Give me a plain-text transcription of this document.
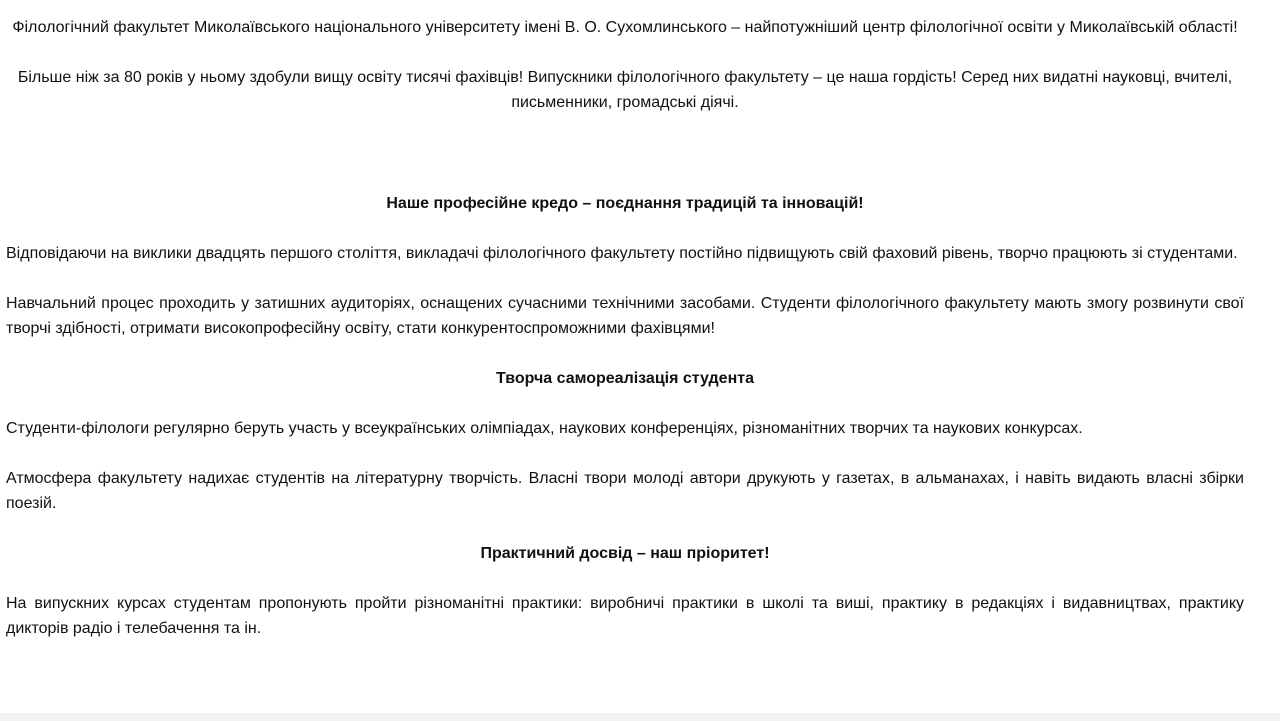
Філологічний факультет Миколаївського національного університету імені В. О. Сухомлинського – найпотужніший центр філологічної освіти у Миколаївській області!

Більше ніж за 80 років у ньому здобули вищу освіту тисячі фахівців! Випускники філологічного факультету – це наша гордість! Серед них видатні науковці, вчителі, письменники, громадські діячі.

Наше професійне кредо – поєднання традицій та інновацій!

Відповідаючи на виклики двадцять першого століття, викладачі філологічного факультету постійно підвищують свій фаховий рівень, творчо працюють зі студентами.

Навчальний процес проходить у затишних аудиторіях, оснащених сучасними технічними засобами. Студенти філологічного факультету мають змогу розвинути свої творчі здібності, отримати високопрофесійну освіту, стати конкурентоспроможними фахівцями!

Творча самореалізація студента

Студенти-філологи регулярно беруть участь у всеукраїнських олімпіадах, наукових конференціях, різноманітних творчих та наукових конкурсах.

Атмосфера факультету надихає студентів на літературну творчість. Власні твори молоді автори друкують у газетах, в альманахах, і навіть видають власні збірки поезій.

Практичний досвід – наш пріоритет!

На випускних курсах студентам пропонують пройти різноманітні практики: виробничі практики в школі та виші, практику в редакціях і видавництвах, практику дикторів радіо і телебачення та ін.
